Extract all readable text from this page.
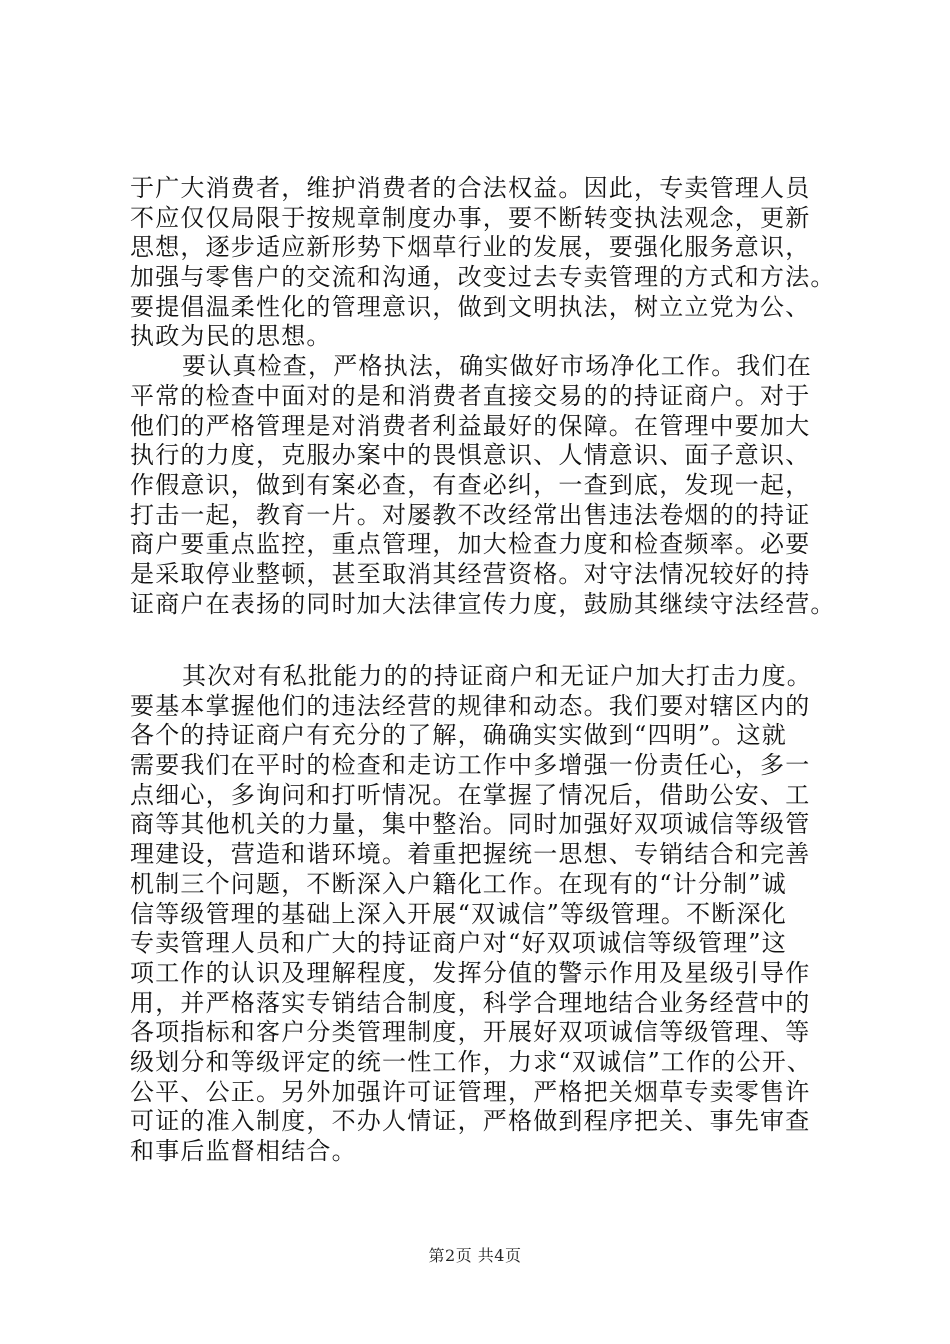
于广大消费者，维护消费者的合法权益。因此，专卖管理人员
不应仅仅局限于按规章制度办事，要不断转变执法观念，更新
思想，逐步适应新形势下烟草行业的发展，要强化服务意识，
加强与零售户的交流和沟通，改变过去专卖管理的方式和方法。
要提倡温柔性化的管理意识，做到文明执法，树立立党为公、
执政为民的思想。
要认真检查，严格执法，确实做好市场净化工作。我们在
平常的检查中面对的是和消费者直接交易的的持证商户。对于
他们的严格管理是对消费者利益最好的保障。在管理中要加大
执行的力度，克服办案中的畏惧意识、人情意识、面子意识、
作假意识，做到有案必查，有查必纠，一查到底，发现一起，
打击一起，教育一片。对屡教不改经常出售违法卷烟的的持证
商户要重点监控，重点管理，加大检查力度和检查频率。必要
是采取停业整顿，甚至取消其经营资格。对守法情况较好的持
证商户在表扬的同时加大法律宣传力度，鼓励其继续守法经营。
其次对有私批能力的的持证商户和无证户加大打击力度。
要基本掌握他们的违法经营的规律和动态。我们要对辖区内的
各个的持证商户有充分的了解，确确实实做到“四明”。这就
需要我们在平时的检查和走访工作中多增强一份责任心，多一
点细心，多询问和打听情况。在掌握了情况后，借助公安、工
商等其他机关的力量，集中整治。同时加强好双项诚信等级管
理建设，营造和谐环境。着重把握统一思想、专销结合和完善
机制三个问题，不断深入户籍化工作。在现有的“计分制”诚
信等级管理的基础上深入开展“双诚信”等级管理。不断深化
专卖管理人员和广大的持证商户对“好双项诚信等级管理”这
项工作的认识及理解程度，发挥分值的警示作用及星级引导作
用，并严格落实专销结合制度，科学合理地结合业务经营中的
各项指标和客户分类管理制度，开展好双项诚信等级管理、等
级划分和等级评定的统一性工作，力求“双诚信”工作的公开、
公平、公正。另外加强许可证管理，严格把关烟草专卖零售许
可证的准入制度，不办人情证，严格做到程序把关、事先审查
和事后监督相结合。
第2页 共4页
